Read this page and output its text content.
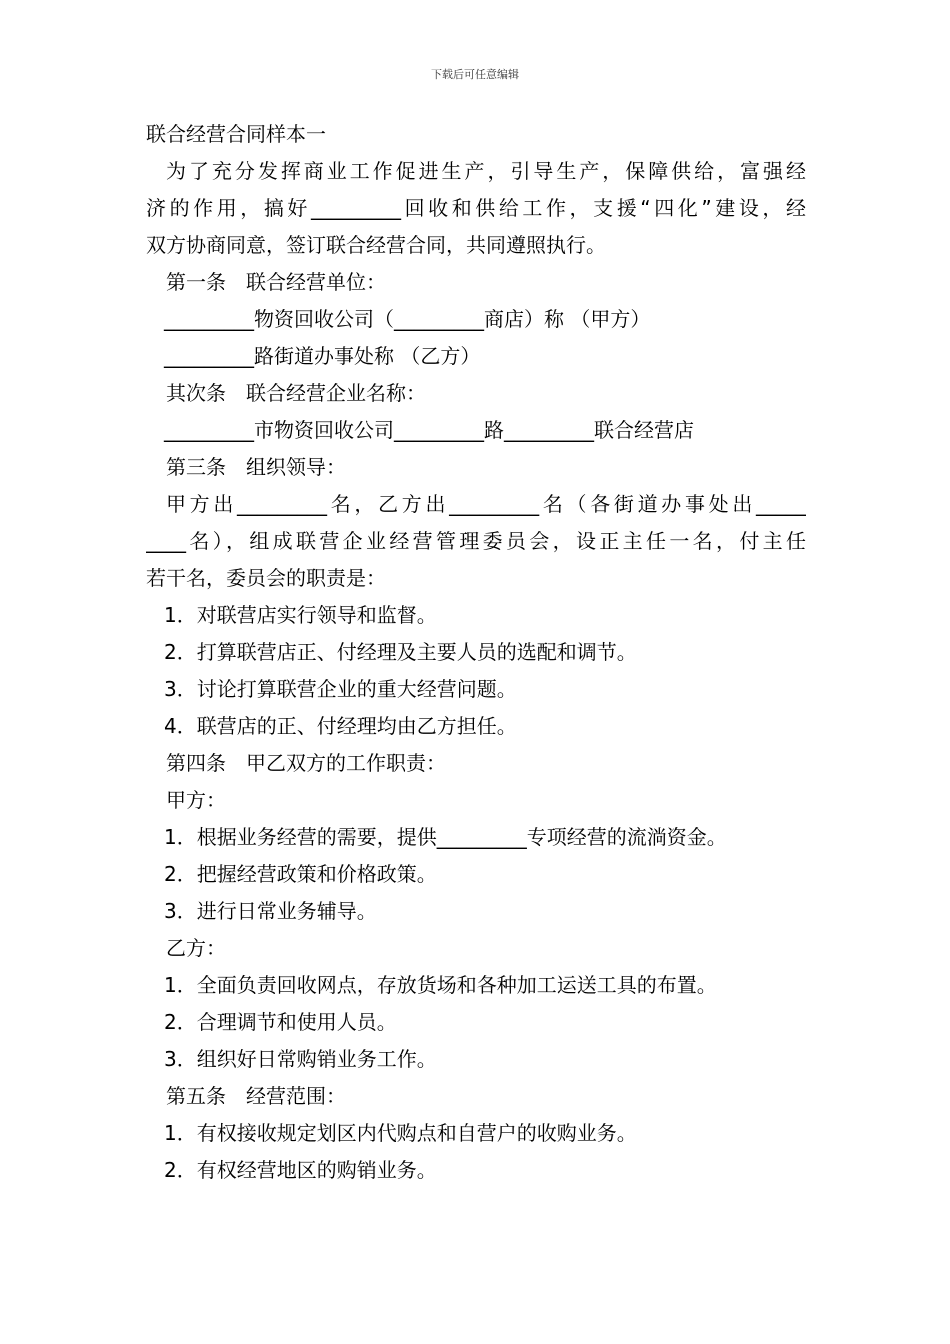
下载后可任意编辑
联合经营合同样本一
为了充分发挥商业工作促进生产，引导生产，保障供给，富强经
济的作用，搞好_________回收和供给工作，支援“四化”建设，经
双方协商同意，签订联合经营合同，共同遵照执行。
第一条　联合经营单位：
_________物资回收公司（_________商店）称 （甲方）
_________路街道办事处称 （乙方）
其次条　联合经营企业名称：
_________市物资回收公司_________路_________联合经营店
第三条　组织领导：
甲方出_________名，乙方出_________名（各街道办事处出_____
____名），组成联营企业经营管理委员会，设正主任一名，付主任
若干名，委员会的职责是：
1．对联营店实行领导和监督。
2．打算联营店正、付经理及主要人员的选配和调节。
3．讨论打算联营企业的重大经营问题。
4．联营店的正、付经理均由乙方担任。
第四条　甲乙双方的工作职责：
甲方：
1．根据业务经营的需要，提供_________专项经营的流淌资金。
2．把握经营政策和价格政策。
3．进行日常业务辅导。
乙方：
1．全面负责回收网点，存放货场和各种加工运送工具的布置。
2．合理调节和使用人员。
3．组织好日常购销业务工作。
第五条　经营范围：
1．有权接收规定划区内代购点和自营户的收购业务。
2．有权经营地区的购销业务。
